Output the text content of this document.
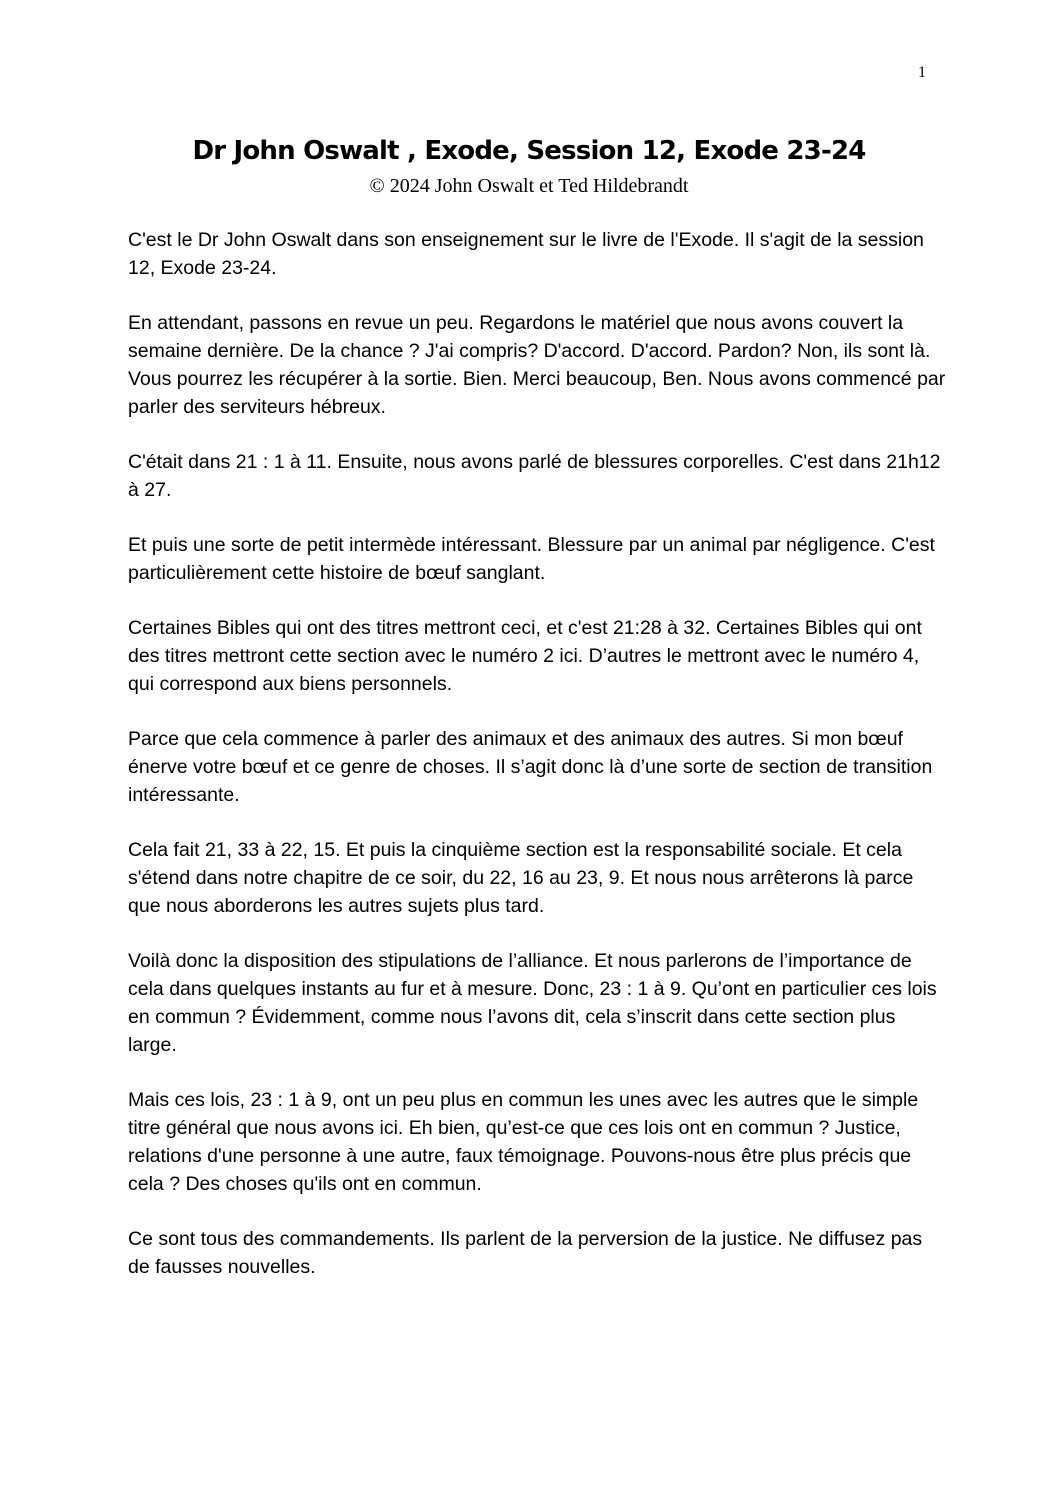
1
Dr John Oswalt , Exode, Session 12, Exode 23-24
© 2024 John Oswalt et Ted Hildebrandt

C'est le Dr John Oswalt dans son enseignement sur le livre de l'Exode. Il s'agit de la session 12, Exode 23-24.

En attendant, passons en revue un peu. Regardons le matériel que nous avons couvert la semaine dernière. De la chance ? J'ai compris? D'accord. D'accord. Pardon? Non, ils sont là. Vous pourrez les récupérer à la sortie. Bien. Merci beaucoup, Ben. Nous avons commencé par parler des serviteurs hébreux.

C'était dans 21 : 1 à 11. Ensuite, nous avons parlé de blessures corporelles. C'est dans 21h12 à 27.

Et puis une sorte de petit intermède intéressant. Blessure par un animal par négligence. C'est particulièrement cette histoire de bœuf sanglant.

Certaines Bibles qui ont des titres mettront ceci, et c'est 21:28 à 32. Certaines Bibles qui ont des titres mettront cette section avec le numéro 2 ici. D’autres le mettront avec le numéro 4, qui correspond aux biens personnels.

Parce que cela commence à parler des animaux et des animaux des autres. Si mon bœuf énerve votre bœuf et ce genre de choses. Il s’agit donc là d’une sorte de section de transition intéressante.

Cela fait 21, 33 à 22, 15. Et puis la cinquième section est la responsabilité sociale. Et cela s'étend dans notre chapitre de ce soir, du 22, 16 au 23, 9. Et nous nous arrêterons là parce que nous aborderons les autres sujets plus tard.

Voilà donc la disposition des stipulations de l’alliance. Et nous parlerons de l’importance de cela dans quelques instants au fur et à mesure. Donc, 23 : 1 à 9. Qu’ont en particulier ces lois en commun ? Évidemment, comme nous l’avons dit, cela s’inscrit dans cette section plus large.

Mais ces lois, 23 : 1 à 9, ont un peu plus en commun les unes avec les autres que le simple titre général que nous avons ici. Eh bien, qu’est-ce que ces lois ont en commun ? Justice, relations d'une personne à une autre, faux témoignage. Pouvons-nous être plus précis que cela ? Des choses qu'ils ont en commun.

Ce sont tous des commandements. Ils parlent de la perversion de la justice. Ne diffusez pas de fausses nouvelles.
